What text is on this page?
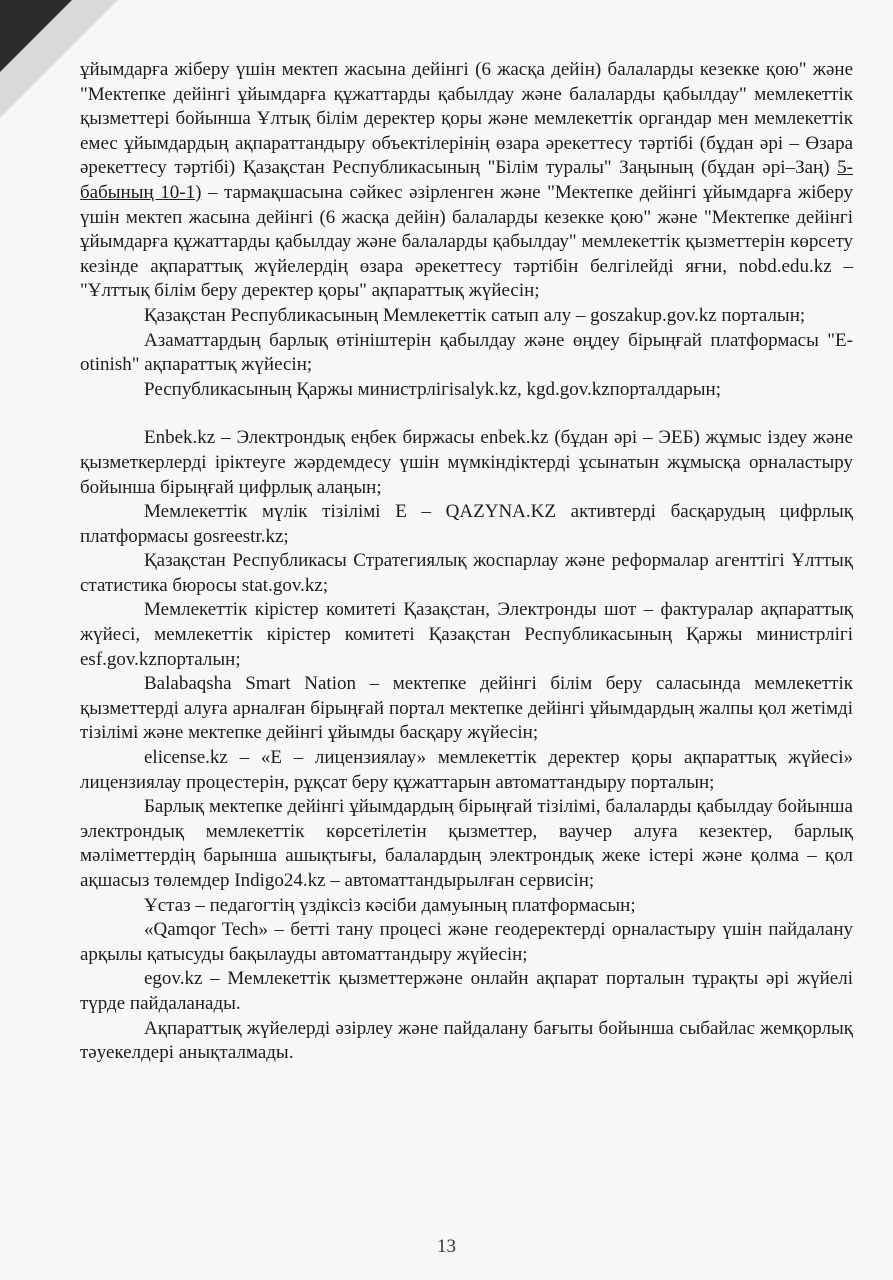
ұйымдарға жіберу үшін мектеп жасына дейінгі (6 жасқа дейін) балаларды кезекке қою" және "Мектепке дейінгі ұйымдарға құжаттарды қабылдау және балаларды қабылдау" мемлекеттік қызметтері бойынша Ұлтық білім деректер қоры және мемлекеттік органдар мен мемлекеттік емес ұйымдардың ақпараттандыру объектілерінің өзара әрекеттесу тәртібі (бұдан әрі – Өзара әрекеттесу тәртібі) Қазақстан Республикасының "Білім туралы" Заңының (бұдан әрі–Заң) 5-бабының 10-1) – тармақшасына сәйкес әзірленген және "Мектепке дейінгі ұйымдарға жіберу үшін мектеп жасына дейінгі (6 жасқа дейін) балаларды кезекке қою" және "Мектепке дейінгі ұйымдарға құжаттарды қабылдау және балаларды қабылдау" мемлекеттік қызметтерін көрсету кезінде ақпараттық жүйелердің өзара әрекеттесу тәртібін белгілейді яғни, nobd.edu.kz – "Ұлттық білім беру деректер қоры" ақпараттық жүйесін;

Қазақстан Республикасының Мемлекеттік сатып алу – goszakup.gov.kz порталын;

Азаматтардың барлық өтініштерін қабылдау және өңдеу бірыңғай платформасы "E-otinish" ақпараттық жүйесін;

Республикасының Қаржы министрлігіsalyk.kz, kgd.gov.kzпорталдарын;

Enbek.kz – Электрондық еңбек биржасы enbek.kz (бұдан әрі – ЭЕБ) жұмыс іздеу және қызметкерлерді іріктеуге жәрдемдесу үшін мүмкіндіктерді ұсынатын жұмысқа орналастыру бойынша бірыңғай цифрлық алаңын;

Мемлекеттік мүлік тізілімі E – QAZYNA.KZ активтерді басқарудың цифрлық платформасы gosreestr.kz;

Қазақстан Республикасы Стратегиялық жоспарлау және реформалар агенттігі Ұлттық статистика бюросы stat.gov.kz;

Мемлекеттік кірістер комитеті Қазақстан, Электронды шот – фактуралар ақпараттық жүйесі, мемлекеттік кірістер комитеті Қазақстан Республикасының Қаржы министрлігі esf.gov.kzпорталын;

Balabaqsha Smart Nation – мектепке дейінгі білім беру саласында мемлекеттік қызметтерді алуға арналған бірыңғай портал мектепке дейінгі ұйымдардың жалпы қол жетімді тізілімі және мектепке дейінгі ұйымды басқару жүйесін;

elicense.kz – «E – лицензиялау» мемлекеттік деректер қоры ақпараттық жүйесі» лицензиялау процестерін, рұқсат беру құжаттарын автоматтандыру порталын;

Барлық мектепке дейінгі ұйымдардың бірыңғай тізілімі, балаларды қабылдау бойынша электрондық мемлекеттік көрсетілетін қызметтер, ваучер алуға кезектер, барлық мәліметтердің барынша ашықтығы, балалардың электрондық жеке істері және қолма – қол ақшасыз төлемдер Indigo24.kz – автоматтандырылған сервисін;

Ұстаз – педагогтің үздіксіз кәсіби дамуының платформасын;

«Qamqor Tech» – бетті тану процесі және геодеректерді орналастыру үшін пайдалану арқылы қатысуды бақылауды автоматтандыру жүйесін;

egov.kz – Мемлекеттік қызметтержәне онлайн ақпарат порталын тұрақты әрі жүйелі түрде пайдаланады.

Ақпараттық жүйелерді әзірлеу және пайдалану бағыты бойынша сыбайлас жемқорлық тәуекелдері анықталмады.

13
